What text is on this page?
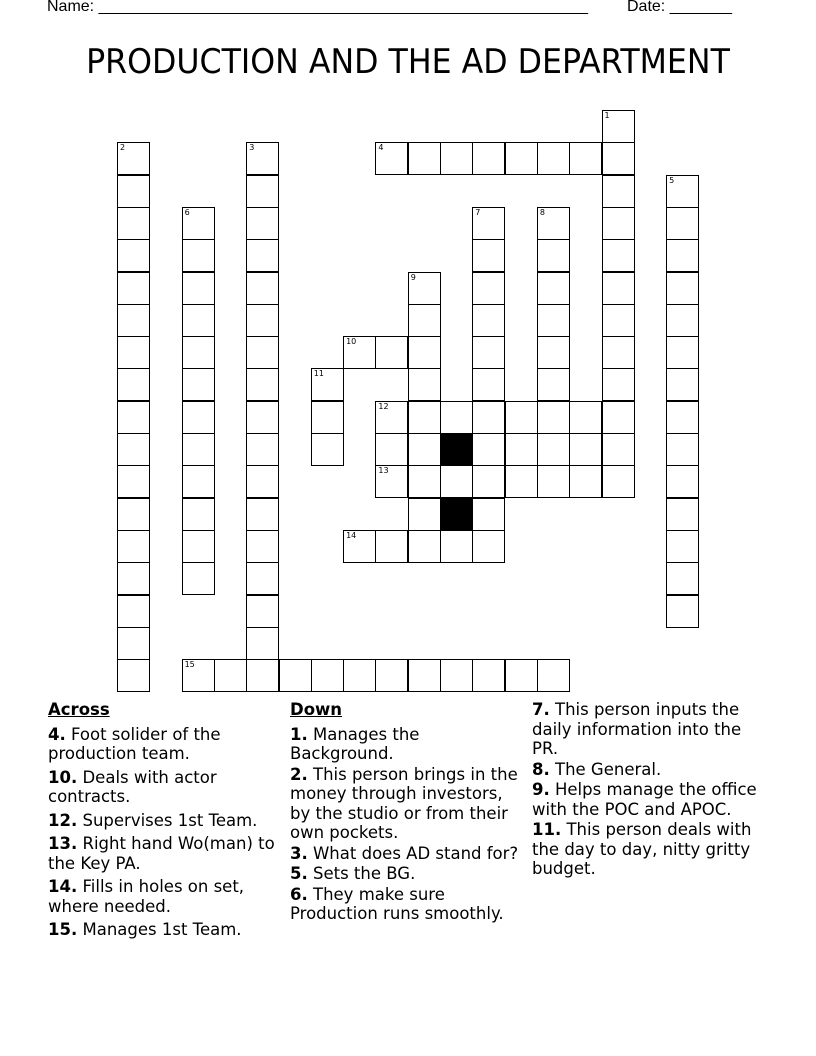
Name: _______________________________________________________ Date: _______
PRODUCTION AND THE AD DEPARTMENT
1
2	3	4
5
6	7	8
9
10
11
12
13
14
15
Across
4. Foot solider of the production team.
10. Deals with actor contracts.
12. Supervises 1st Team.
13. Right hand Wo(man) to the Key PA.
14. Fills in holes on set, where needed.
15. Manages 1st Team.
Down
1. Manages the Background.
2. This person brings in the money through investors, by the studio or from their own pockets.
3. What does AD stand for?
5. Sets the BG.
6. They make sure Production runs smoothly.
7. This person inputs the daily information into the PR.
8. The General.
9. Helps manage the office with the POC and APOC.
11. This person deals with the day to day, nitty gritty budget.
